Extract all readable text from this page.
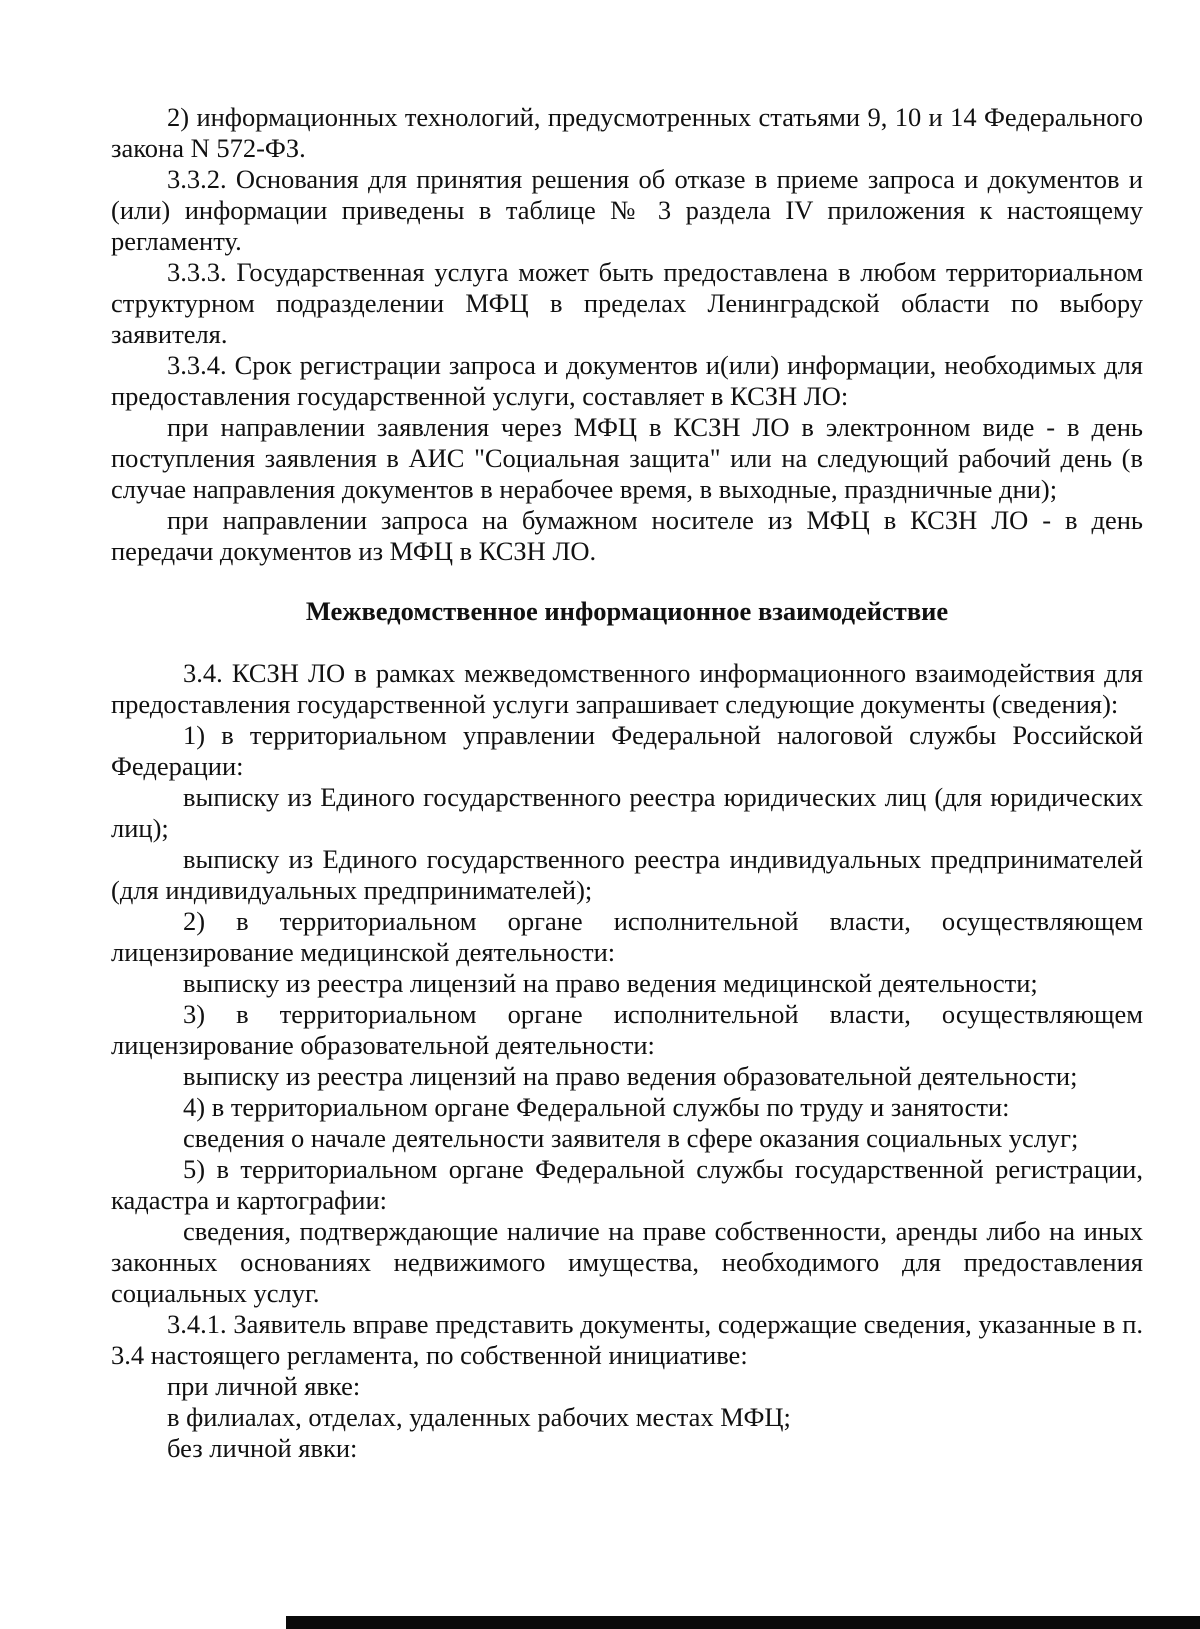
2) информационных технологий, предусмотренных статьями 9, 10 и 14 Федерального закона N 572-ФЗ.

3.3.2. Основания для принятия решения об отказе в приеме запроса и документов и (или) информации приведены в таблице № 3 раздела IV приложения к настоящему регламенту.

3.3.3. Государственная услуга может быть предоставлена в любом территориальном структурном подразделении МФЦ в пределах Ленинградской области по выбору заявителя.

3.3.4. Срок регистрации запроса и документов и(или) информации, необходимых для предоставления государственной услуги, составляет в КСЗН ЛО:

при направлении заявления через МФЦ в КСЗН ЛО в электронном виде - в день поступления заявления в АИС "Социальная защита" или на следующий рабочий день (в случае направления документов в нерабочее время, в выходные, праздничные дни);

при направлении запроса на бумажном носителе из МФЦ в КСЗН ЛО - в день передачи документов из МФЦ в КСЗН ЛО.

Межведомственное информационное взаимодействие

3.4. КСЗН ЛО в рамках межведомственного информационного взаимодействия для предоставления государственной услуги запрашивает следующие документы (сведения):

1) в территориальном управлении Федеральной налоговой службы Российской Федерации:

выписку из Единого государственного реестра юридических лиц (для юридических лиц);

выписку из Единого государственного реестра индивидуальных предпринимателей (для индивидуальных предпринимателей);

2) в территориальном органе исполнительной власти, осуществляющем лицензирование медицинской деятельности:

выписку из реестра лицензий на право ведения медицинской деятельности;

3) в территориальном органе исполнительной власти, осуществляющем лицензирование образовательной деятельности:

выписку из реестра лицензий на право ведения образовательной деятельности;

4) в территориальном органе Федеральной службы по труду и занятости:

сведения о начале деятельности заявителя в сфере оказания социальных услуг;

5) в территориальном органе Федеральной службы государственной регистрации, кадастра и картографии:

сведения, подтверждающие наличие на праве собственности, аренды либо на иных законных основаниях недвижимого имущества, необходимого для предоставления социальных услуг.

3.4.1. Заявитель вправе представить документы, содержащие сведения, указанные в п. 3.4 настоящего регламента, по собственной инициативе:

при личной явке:

в филиалах, отделах, удаленных рабочих местах МФЦ;

без личной явки:
